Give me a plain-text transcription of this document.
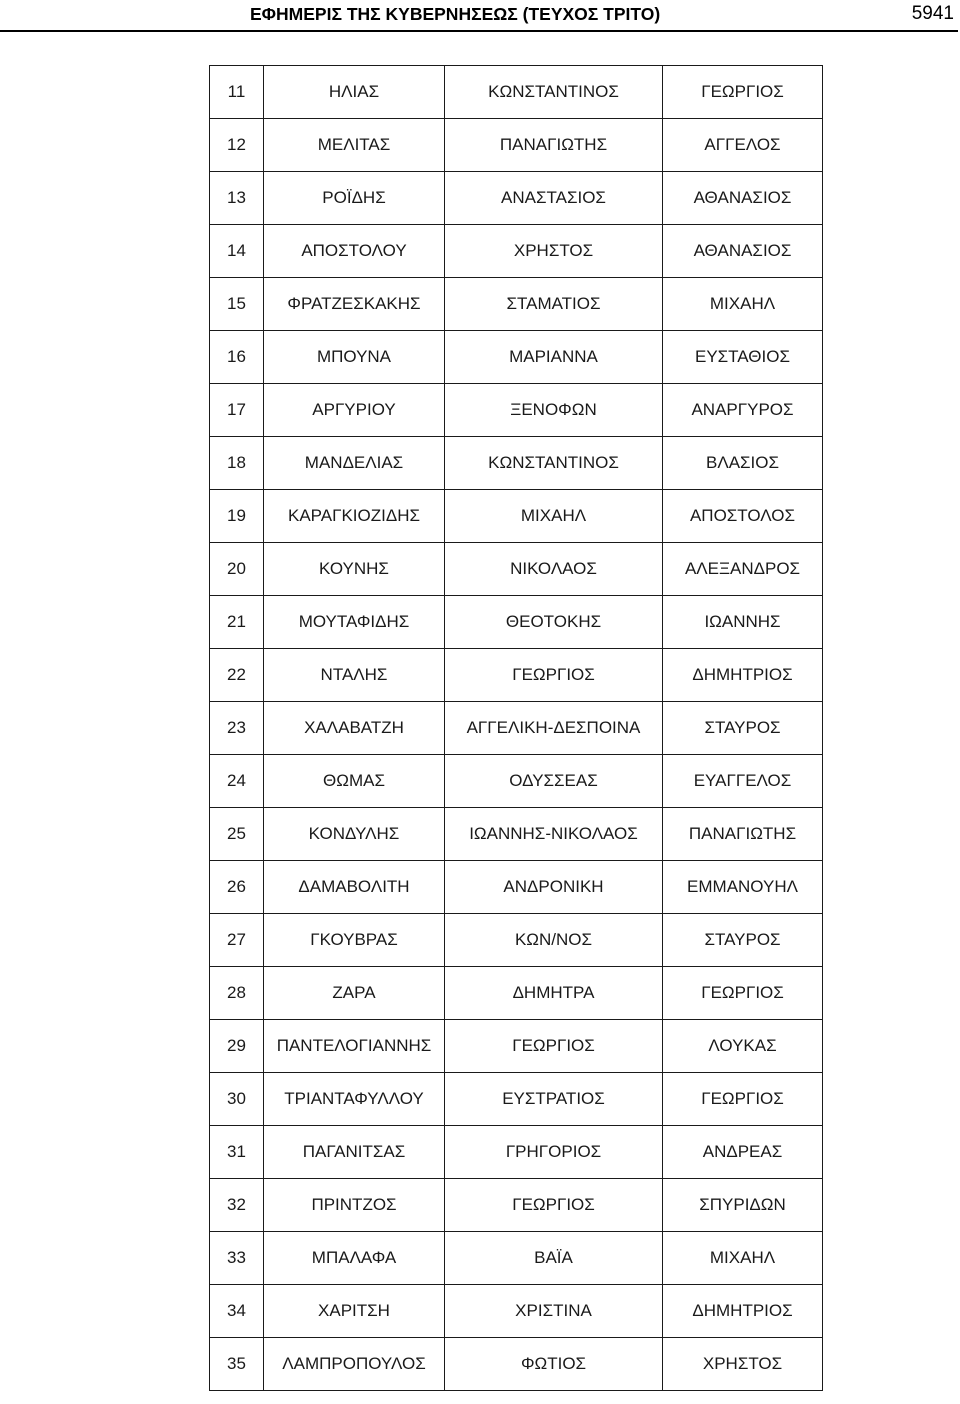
ΕΦΗΜΕΡΙΣ ΤΗΣ ΚΥΒΕΡΝΗΣΕΩΣ (ΤΕΥΧΟΣ ΤΡΙΤΟ)	5941
11	ΗΛΙΑΣ	ΚΩΝΣΤΑΝΤΙΝΟΣ	ΓΕΩΡΓΙΟΣ
12	ΜΕΛΙΤΑΣ	ΠΑΝΑΓΙΩΤΗΣ	ΑΓΓΕΛΟΣ
13	ΡΟΪΔΗΣ	ΑΝΑΣΤΑΣΙΟΣ	ΑΘΑΝΑΣΙΟΣ
14	ΑΠΟΣΤΟΛΟΥ	ΧΡΗΣΤΟΣ	ΑΘΑΝΑΣΙΟΣ
15	ΦΡΑΤΖΕΣΚΑΚΗΣ	ΣΤΑΜΑΤΙΟΣ	ΜΙΧΑΗΛ
16	ΜΠΟΥΝΑ	ΜΑΡΙΑΝΝΑ	ΕΥΣΤΑΘΙΟΣ
17	ΑΡΓΥΡΙΟΥ	ΞΕΝΟΦΩΝ	ΑΝΑΡΓΥΡΟΣ
18	ΜΑΝΔΕΛΙΑΣ	ΚΩΝΣΤΑΝΤΙΝΟΣ	ΒΛΑΣΙΟΣ
19	ΚΑΡΑΓΚΙΟΖΙΔΗΣ	ΜΙΧΑΗΛ	ΑΠΟΣΤΟΛΟΣ
20	ΚΟΥΝΗΣ	ΝΙΚΟΛΑΟΣ	ΑΛΕΞΑΝΔΡΟΣ
21	ΜΟΥΤΑΦΙΔΗΣ	ΘΕΟΤΟΚΗΣ	ΙΩΑΝΝΗΣ
22	ΝΤΑΛΗΣ	ΓΕΩΡΓΙΟΣ	ΔΗΜΗΤΡΙΟΣ
23	ΧΑΛΑΒΑΤΖΗ	ΑΓΓΕΛΙΚΗ-ΔΕΣΠΟΙΝΑ	ΣΤΑΥΡΟΣ
24	ΘΩΜΑΣ	ΟΔΥΣΣΕΑΣ	ΕΥΑΓΓΕΛΟΣ
25	ΚΟΝΔΥΛΗΣ	ΙΩΑΝΝΗΣ-ΝΙΚΟΛΑΟΣ	ΠΑΝΑΓΙΩΤΗΣ
26	ΔΑΜΑΒΟΛΙΤΗ	ΑΝΔΡΟΝΙΚΗ	ΕΜΜΑΝΟΥΗΛ
27	ΓΚΟΥΒΡΑΣ	ΚΩΝ/ΝΟΣ	ΣΤΑΥΡΟΣ
28	ΖΑΡΑ	ΔΗΜΗΤΡΑ	ΓΕΩΡΓΙΟΣ
29	ΠΑΝΤΕΛΟΓΙΑΝΝΗΣ	ΓΕΩΡΓΙΟΣ	ΛΟΥΚΑΣ
30	ΤΡΙΑΝΤΑΦΥΛΛΟΥ	ΕΥΣΤΡΑΤΙΟΣ	ΓΕΩΡΓΙΟΣ
31	ΠΑΓΑΝΙΤΣΑΣ	ΓΡΗΓΟΡΙΟΣ	ΑΝΔΡΕΑΣ
32	ΠΡΙΝΤΖΟΣ	ΓΕΩΡΓΙΟΣ	ΣΠΥΡΙΔΩΝ
33	ΜΠΑΛΑΦΑ	ΒΑΪΑ	ΜΙΧΑΗΛ
34	ΧΑΡΙΤΣΗ	ΧΡΙΣΤΙΝΑ	ΔΗΜΗΤΡΙΟΣ
35	ΛΑΜΠΡΟΠΟΥΛΟΣ	ΦΩΤΙΟΣ	ΧΡΗΣΤΟΣ
